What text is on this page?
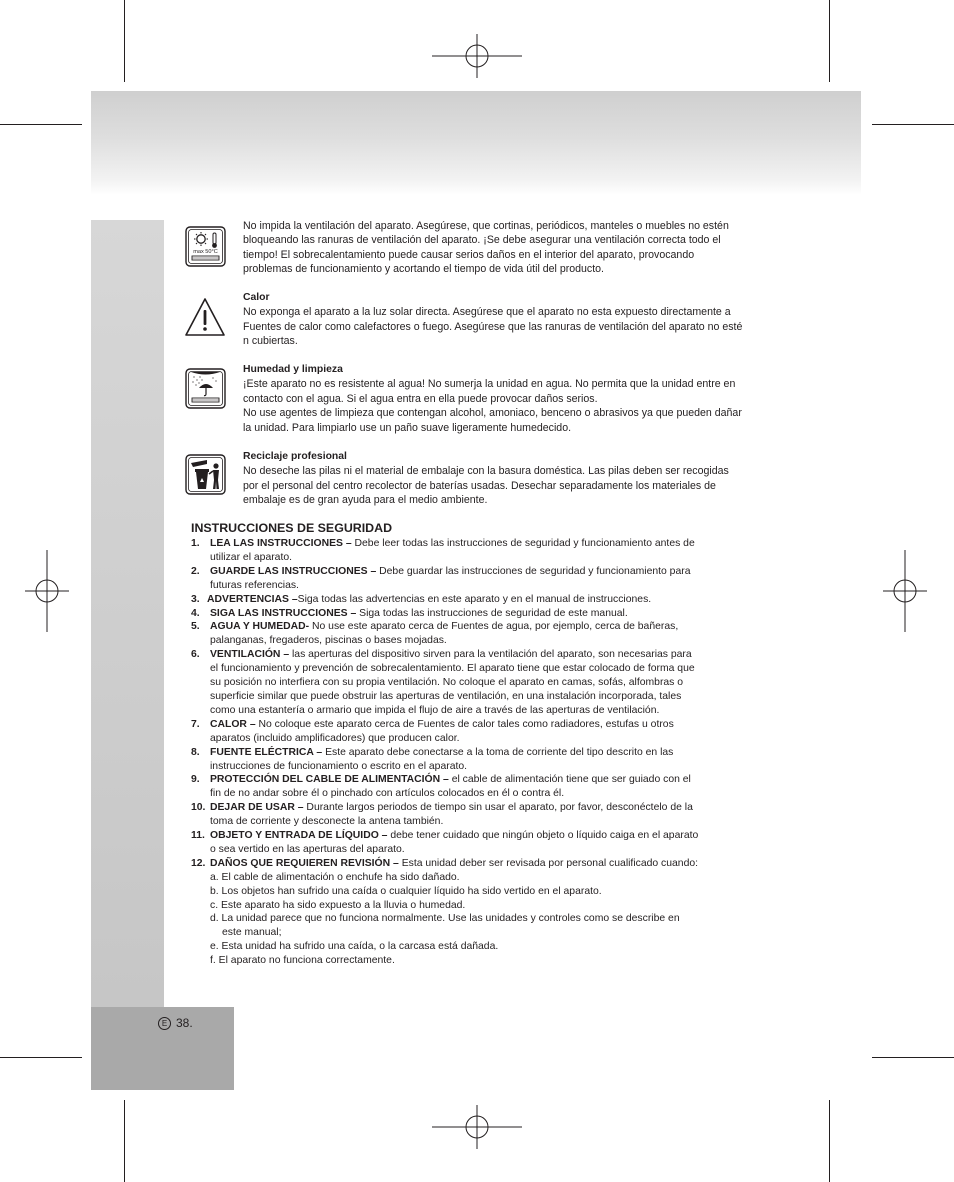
max 50°C

No impida la ventilación del aparato. Asegúrese, que cortinas, periódicos, manteles o muebles no estén

bloqueando las ranuras de ventilación del aparato. ¡Se debe asegurar una ventilación correcta todo el

tiempo! El sobrecalentamiento puede causar serios daños en el interior del aparato, provocando

problemas de funcionamiento y acortando el tiempo de vida útil del producto.

Calor

No exponga el aparato a la luz solar directa. Asegúrese que el aparato no esta expuesto directamente a

Fuentes de calor como calefactores o fuego. Asegúrese que las ranuras de ventilación del aparato no esté

n cubiertas.

Humedad y limpieza

¡Este aparato no es resistente al agua! No sumerja la unidad en agua. No permita que la unidad entre en

contacto con el agua. Si el agua entra en ella puede provocar daños serios.

No use agentes de limpieza que contengan alcohol, amoniaco, benceno o abrasivos ya que pueden dañar

la unidad. Para limpiarlo use un paño suave ligeramente humedecido.

Reciclaje profesional

No deseche las pilas ni el material de embalaje con la basura doméstica. Las pilas deben ser recogidas

por el personal del centro recolector de baterías usadas. Desechar separadamente los materiales de

embalaje es de gran ayuda para el medio ambiente.

INSTRUCCIONES DE SEGURIDAD
1. LEA LAS INSTRUCCIONES – Debe leer todas las instrucciones de seguridad y funcionamiento antes de
utilizar el aparato.
2. GUARDE LAS INSTRUCCIONES – Debe guardar las instrucciones de seguridad y funcionamiento para
futuras referencias.
3. ADVERTENCIAS –Siga todas las advertencias en este aparato y en el manual de instrucciones.
4. SIGA LAS INSTRUCCIONES – Siga todas las instrucciones de seguridad de este manual.
5. AGUA Y HUMEDAD- No use este aparato cerca de Fuentes de agua, por ejemplo, cerca de bañeras,
palanganas, fregaderos, piscinas o bases mojadas.
6. VENTILACIÓN – las aperturas del dispositivo sirven para la ventilación del aparato, son necesarias para
el funcionamiento y prevención de sobrecalentamiento. El aparato tiene que estar colocado de forma que
su posición no interfiera con su propia ventilación. No coloque el aparato en camas, sofás, alfombras o
superficie similar que puede obstruir las aperturas de ventilación, en una instalación incorporada, tales
como una estantería o armario que impida el flujo de aire a través de las aperturas de ventilación.
7. CALOR – No coloque este aparato cerca de Fuentes de calor tales como radiadores, estufas u otros
aparatos (incluido amplificadores) que producen calor.
8. FUENTE ELÉCTRICA – Este aparato debe conectarse a la toma de corriente del tipo descrito en las
instrucciones de funcionamiento o escrito en el aparato.
9. PROTECCIÓN DEL CABLE DE ALIMENTACIÓN – el cable de alimentación tiene que ser guiado con el
fin de no andar sobre él o pinchado con artículos colocados en él o contra él.
10. DEJAR DE USAR – Durante largos periodos de tiempo sin usar el aparato, por favor, desconéctelo de la
toma de corriente y desconecte la antena también.
11. OBJETO Y ENTRADA DE LÍQUIDO – debe tener cuidado que ningún objeto o líquido caiga en el aparato
o sea vertido en las aperturas del aparato.
12. DAÑOS QUE REQUIEREN REVISIÓN – Esta unidad deber ser revisada por personal cualificado cuando:
a. El cable de alimentación o enchufe ha sido dañado.
b. Los objetos han sufrido una caída o cualquier líquido ha sido vertido en el aparato.
c. Este aparato ha sido expuesto a la lluvia o humedad.
d. La unidad parece que no funciona normalmente. Use las unidades y controles como se describe en
este manual;
e. Esta unidad ha sufrido una caída, o la carcasa está dañada.
f. El aparato no funciona correctamente.
E 38.
